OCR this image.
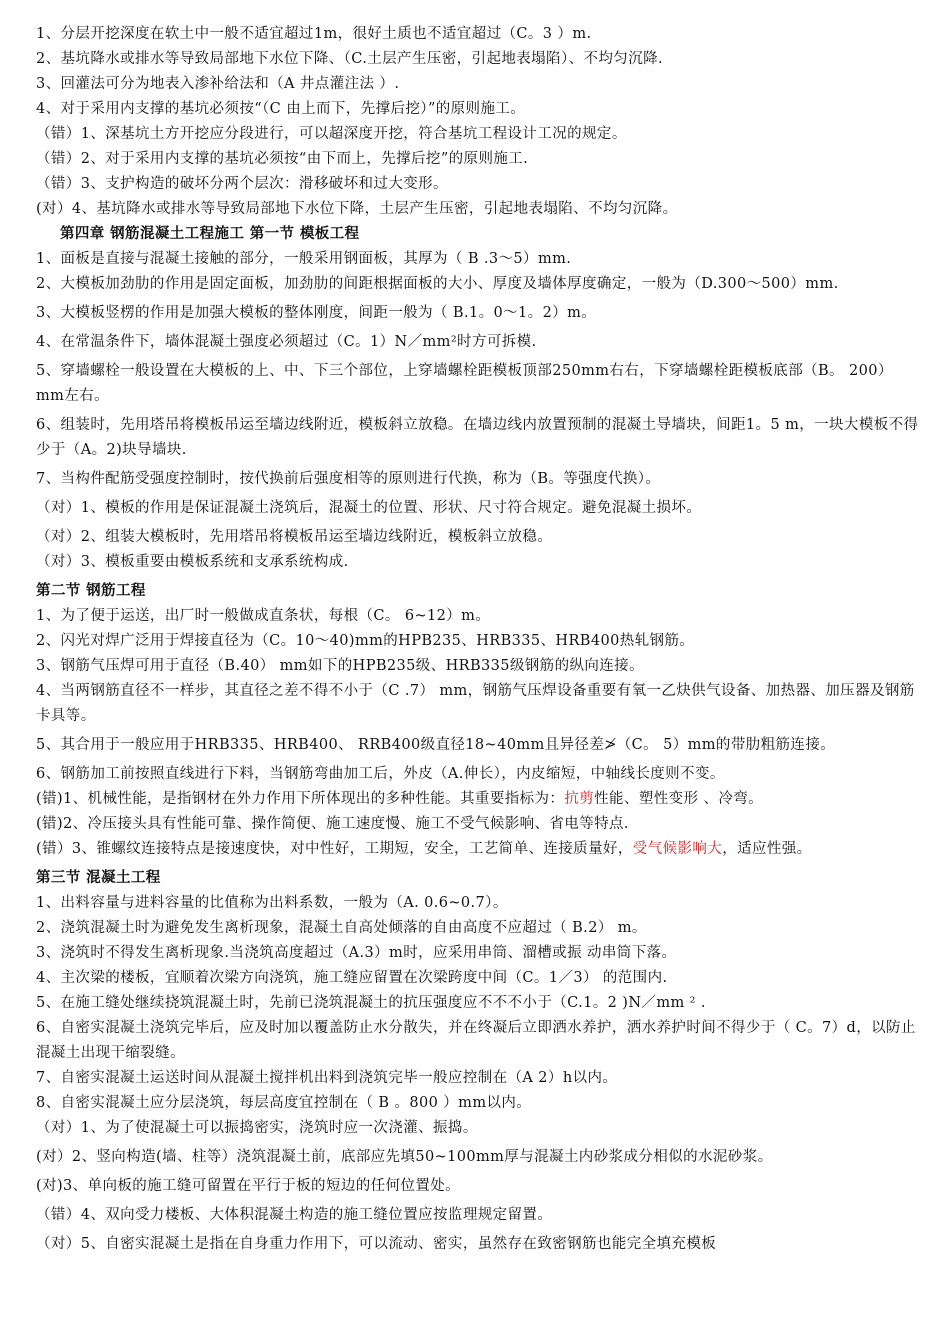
1、分层开挖深度在软土中一般不适宜超过1m，很好土质也不适宜超过（C。3 ）m.
2、基坑降水或排水等导致局部地下水位下降、（C.土层产生压密，引起地表塌陷）、不均匀沉降.
3、回灌法可分为地表入渗补给法和（A 井点灌注法 ）.
4、对于采用内支撑的基坑必须按“（C 由上而下，先撑后挖）”的原则施工。
（错）1、深基坑土方开挖应分段进行，可以超深度开挖，符合基坑工程设计工况的规定。
（错）2、对于采用内支撑的基坑必须按“由下而上，先撑后挖”的原则施工.
（错）3、支护构造的破坏分两个层次：滑移破坏和过大变形。
(对）4、基坑降水或排水等导致局部地下水位下降，土层产生压密，引起地表塌陷、不均匀沉降。
第四章 钢筋混凝土工程施工 第一节 模板工程
1、面板是直接与混凝土接触的部分，一般采用钢面板，其厚为（ B .3～5）mm.
2、大模板加劲肋的作用是固定面板，加劲肋的间距根据面板的大小、厚度及墙体厚度确定，一般为（D.300～500）mm.
3、大模板竖楞的作用是加强大模板的整体刚度，间距一般为（ B.1。0～1。2）m。
4、在常温条件下，墙体混凝土强度必须超过（C。1）N／mm²时方可拆模.
5、穿墙螺栓一般设置在大模板的上、中、下三个部位，上穿墙螺栓距模板顶部250mm右右，下穿墙螺栓距模板底部（B。 200）mm左右。
6、组装时，先用塔吊将模板吊运至墙边线附近，模板斜立放稳。在墙边线内放置预制的混凝土导墙块，间距1。5 m，一块大模板不得少于（A。2)块导墙块.
7、当构件配筋受强度控制时，按代换前后强度相等的原则进行代换，称为（B。等强度代换）。
（对）1、模板的作用是保证混凝土浇筑后，混凝土的位置、形状、尺寸符合规定。避免混凝土损坏。
（对）2、组装大模板时，先用塔吊将模板吊运至墙边线附近，模板斜立放稳。
（对）3、模板重要由模板系统和支承系统构成.
第二节 钢筋工程
1、为了便于运送，出厂时一般做成直条状，每根（C。 6~12）m。
2、闪光对焊广泛用于焊接直径为（C。10～40)mm的HPB235、HRB335、HRB400热轧钢筋。
3、钢筋气压焊可用于直径（B.40） mm如下的HPB235级、HRB335级钢筋的纵向连接。
4、当两钢筋直径不一样步，其直径之差不得不小于（C .7） mm，钢筋气压焊设备重要有氧一乙炔供气设备、加热器、加压器及钢筋卡具等。
5、其合用于一般应用于HRB335、HRB400、 RRB400级直径18~40mm且异径差≯（C。 5）mm的带肋粗筋连接。
6、钢筋加工前按照直线进行下料，当钢筋弯曲加工后，外皮（A.伸长），内皮缩短，中轴线长度则不变。
(错)1、机械性能，是指钢材在外力作用下所体现出的多种性能。其重要指标为：抗剪性能、塑性变形 、冷弯。
(错)2、冷压接头具有性能可靠、操作简便、施工速度慢、施工不受气候影响、省电等特点.
(错）3、锥螺纹连接特点是接速度快，对中性好，工期短，安全，工艺简单、连接质量好，受气候影响大，适应性强。
第三节 混凝土工程
1、出料容量与进料容量的比值称为出料系数，一般为（A. 0.6~0.7）。
2、浇筑混凝土时为避免发生离析现象，混凝土自高处倾落的自由高度不应超过（ B.2） m。
3、浇筑时不得发生离析现象.当浇筑高度超过（A.3）m时，应采用串筒、溜槽或振 动串筒下落。
4、主次梁的楼板，宜顺着次梁方向浇筑，施工缝应留置在次梁跨度中间（C。1／3） 的范围内.
5、在施工缝处继续挠筑混凝土时，先前已浇筑混凝土的抗压强度应不不不小于（C.1。2 )N／mm ² .
6、自密实混凝土浇筑完毕后，应及时加以覆盖防止水分散失，并在终凝后立即洒水养护，洒水养护时间不得少于（ C。7）d，以防止混凝土出现干缩裂缝。
7、自密实混凝土运送时间从混凝土搅拌机出料到浇筑完毕一般应控制在（A 2）h以内。
8、自密实混凝土应分层浇筑，每层高度宜控制在（ B 。800 ）mm以内。
（对）1、为了使混凝土可以振捣密实，浇筑时应一次浇灌、振捣。
(对）2、竖向构造(墙、柱等）浇筑混凝土前，底部应先填50~100mm厚与混凝土内砂浆成分相似的水泥砂浆。
(对)3、单向板的施工缝可留置在平行于板的短边的任何位置处。
（错）4、双向受力楼板、大体积混凝土构造的施工缝位置应按监理规定留置。
（对）5、自密实混凝土是指在自身重力作用下，可以流动、密实，虽然存在致密钢筋也能完全填充模板
